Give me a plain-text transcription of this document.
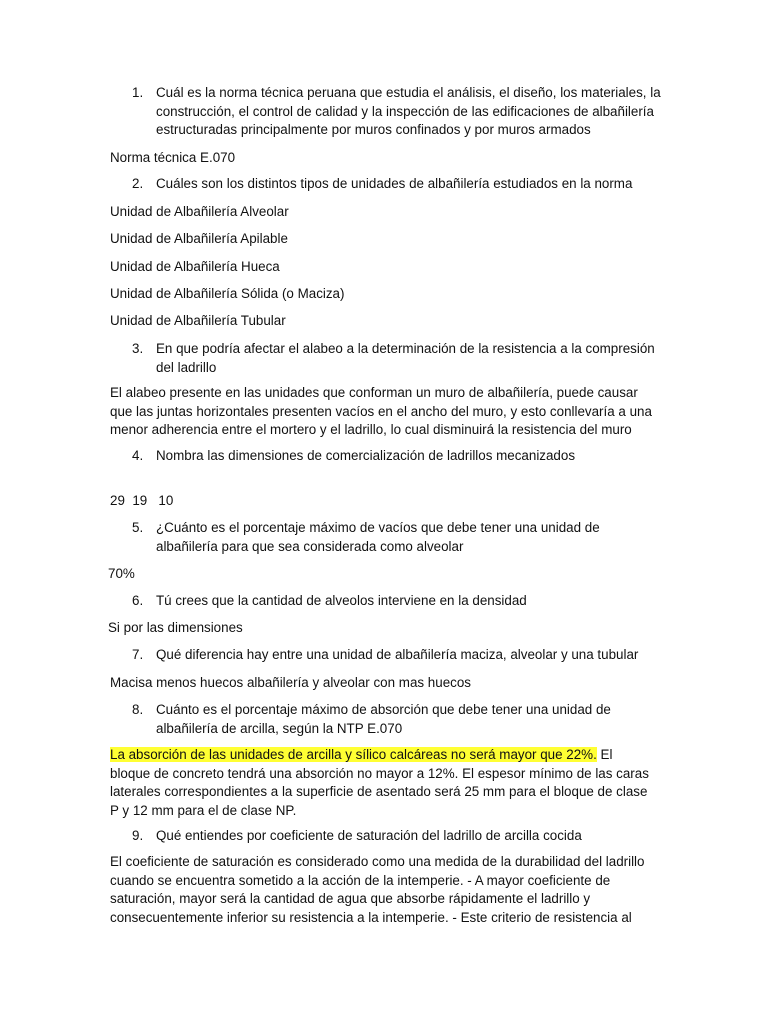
1. Cuál es la norma técnica peruana que estudia el análisis, el diseño, los materiales, la construcción, el control de calidad y la inspección de las edificaciones de albañilería estructuradas principalmente por muros confinados y por muros armados

Norma técnica E.070

2. Cuáles son los distintos tipos de unidades de albañilería estudiados en la norma

Unidad de Albañilería Alveolar

Unidad de Albañilería Apilable

Unidad de Albañilería Hueca

Unidad de Albañilería Sólida (o Maciza)

Unidad de Albañilería Tubular

3. En que podría afectar el alabeo a la determinación de la resistencia a la compresión del ladrillo

El alabeo presente en las unidades que conforman un muro de albañilería, puede causar que las juntas horizontales presenten vacíos en el ancho del muro, y esto conllevaría a una menor adherencia entre el mortero y el ladrillo, lo cual disminuirá la resistencia del muro

4. Nombra las dimensiones de comercialización de ladrillos mecanizados

29  19   10

5. ¿Cuánto es el porcentaje máximo de vacíos que debe tener una unidad de albañilería para que sea considerada como alveolar

70%

6. Tú crees que la cantidad de alveolos interviene en la densidad

Si por las dimensiones

7. Qué diferencia hay entre una unidad de albañilería maciza, alveolar y una tubular

Macisa menos huecos albañilería y alveolar con mas huecos

8. Cuánto es el porcentaje máximo de absorción que debe tener una unidad de albañilería de arcilla, según la NTP E.070

La absorción de las unidades de arcilla y sílico calcáreas no será mayor que 22%. El bloque de concreto tendrá una absorción no mayor a 12%. El espesor mínimo de las caras laterales correspondientes a la superficie de asentado será 25 mm para el bloque de clase P y 12 mm para el de clase NP.

9. Qué entiendes por coeficiente de saturación del ladrillo de arcilla cocida

El coeficiente de saturación es considerado como una medida de la durabilidad del ladrillo cuando se encuentra sometido a la acción de la intemperie. - A mayor coeficiente de saturación, mayor será la cantidad de agua que absorbe rápidamente el ladrillo y consecuentemente inferior su resistencia a la intemperie. - Este criterio de resistencia al
